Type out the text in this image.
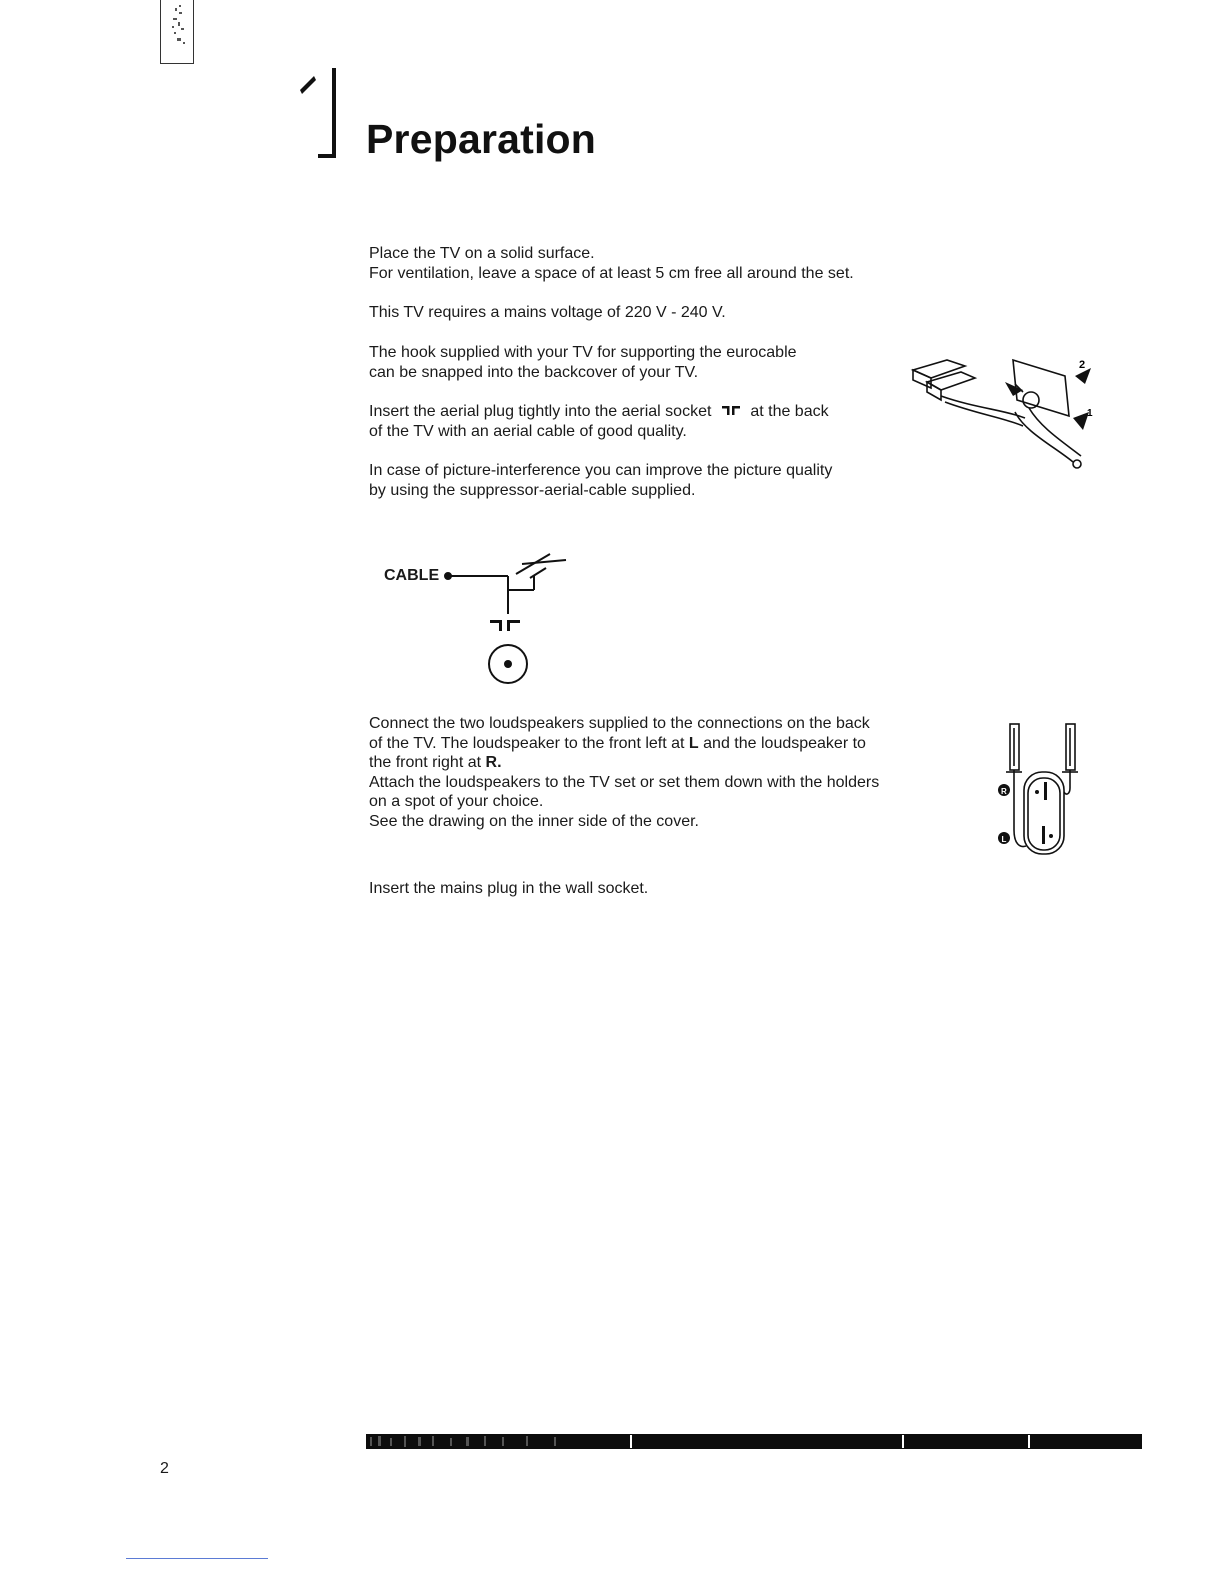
Preparation
Place the TV on a solid surface.
For ventilation, leave a space of at least 5 cm free all around the set.
This TV requires a mains voltage of 220 V - 240 V.
The hook supplied with your TV for supporting the eurocable
can be snapped into the backcover of your TV.
Insert the aerial plug tightly into the aerial socket at the back
of the TV with an aerial cable of good quality.
In case of picture-interference you can improve the picture quality
by using the suppressor-aerial-cable supplied.
2
1
CABLE
Connect the two loudspeakers supplied to the connections on the back
of the TV. The loudspeaker to the front left at L and the loudspeaker to
the front right at R.
Attach the loudspeakers to the TV set or set them down with the holders
on a spot of your choice.
See the drawing on the inner side of the cover.
R
L
Insert the mains plug in the wall socket.
2
